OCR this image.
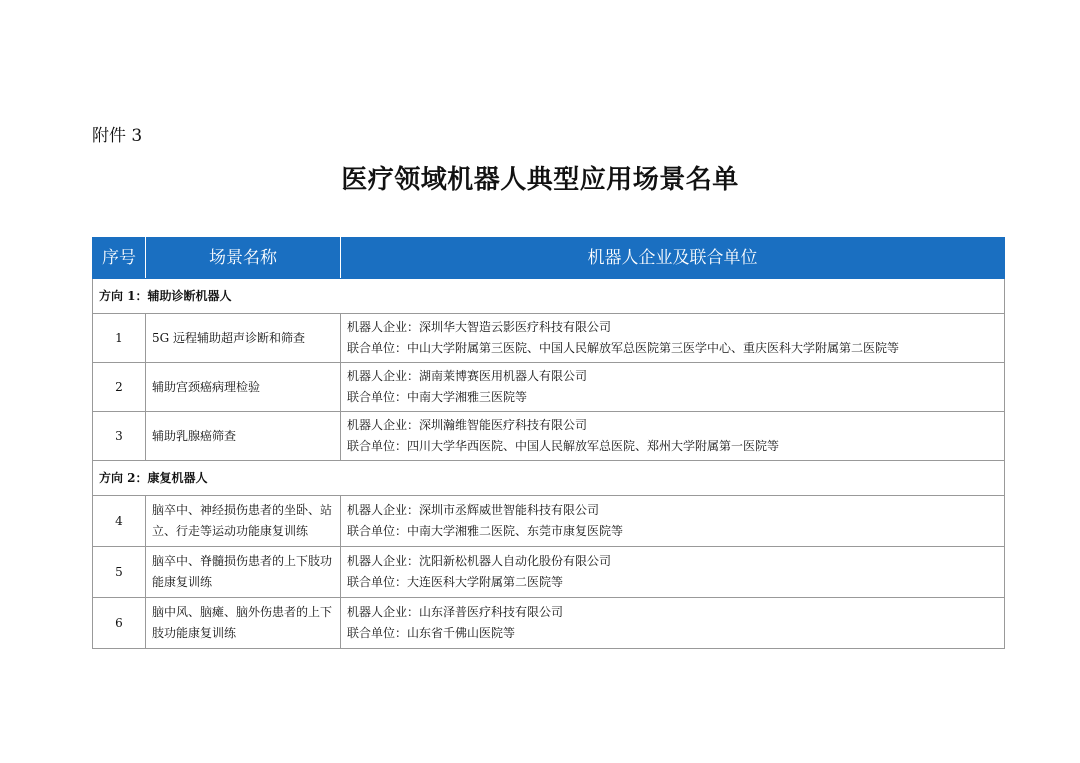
附件 3
医疗领域机器人典型应用场景名单
序号	场景名称	机器人企业及联合单位
方向 1：辅助诊断机器人		
1	5G 远程辅助超声诊断和筛查	机器人企业：深圳华大智造云影医疗科技有限公司
联合单位：中山大学附属第三医院、中国人民解放军总医院第三医学中心、重庆医科大学附属第二医院等

2	辅助宫颈癌病理检验	机器人企业：湖南莱博赛医用机器人有限公司
联合单位：中南大学湘雅三医院等

3	辅助乳腺癌筛查	机器人企业：深圳瀚维智能医疗科技有限公司
联合单位：四川大学华西医院、中国人民解放军总医院、郑州大学附属第一医院等

方向 2：康复机器人		
4	脑卒中、神经损伤患者的坐卧、站立、行走等运动功能康复训练	机器人企业：深圳市丞辉威世智能科技有限公司
联合单位：中南大学湘雅二医院、东莞市康复医院等

5	脑卒中、脊髓损伤患者的上下肢功能康复训练	机器人企业：沈阳新松机器人自动化股份有限公司
联合单位：大连医科大学附属第二医院等

6	脑中风、脑瘫、脑外伤患者的上下肢功能康复训练	机器人企业：山东泽普医疗科技有限公司
联合单位：山东省千佛山医院等
